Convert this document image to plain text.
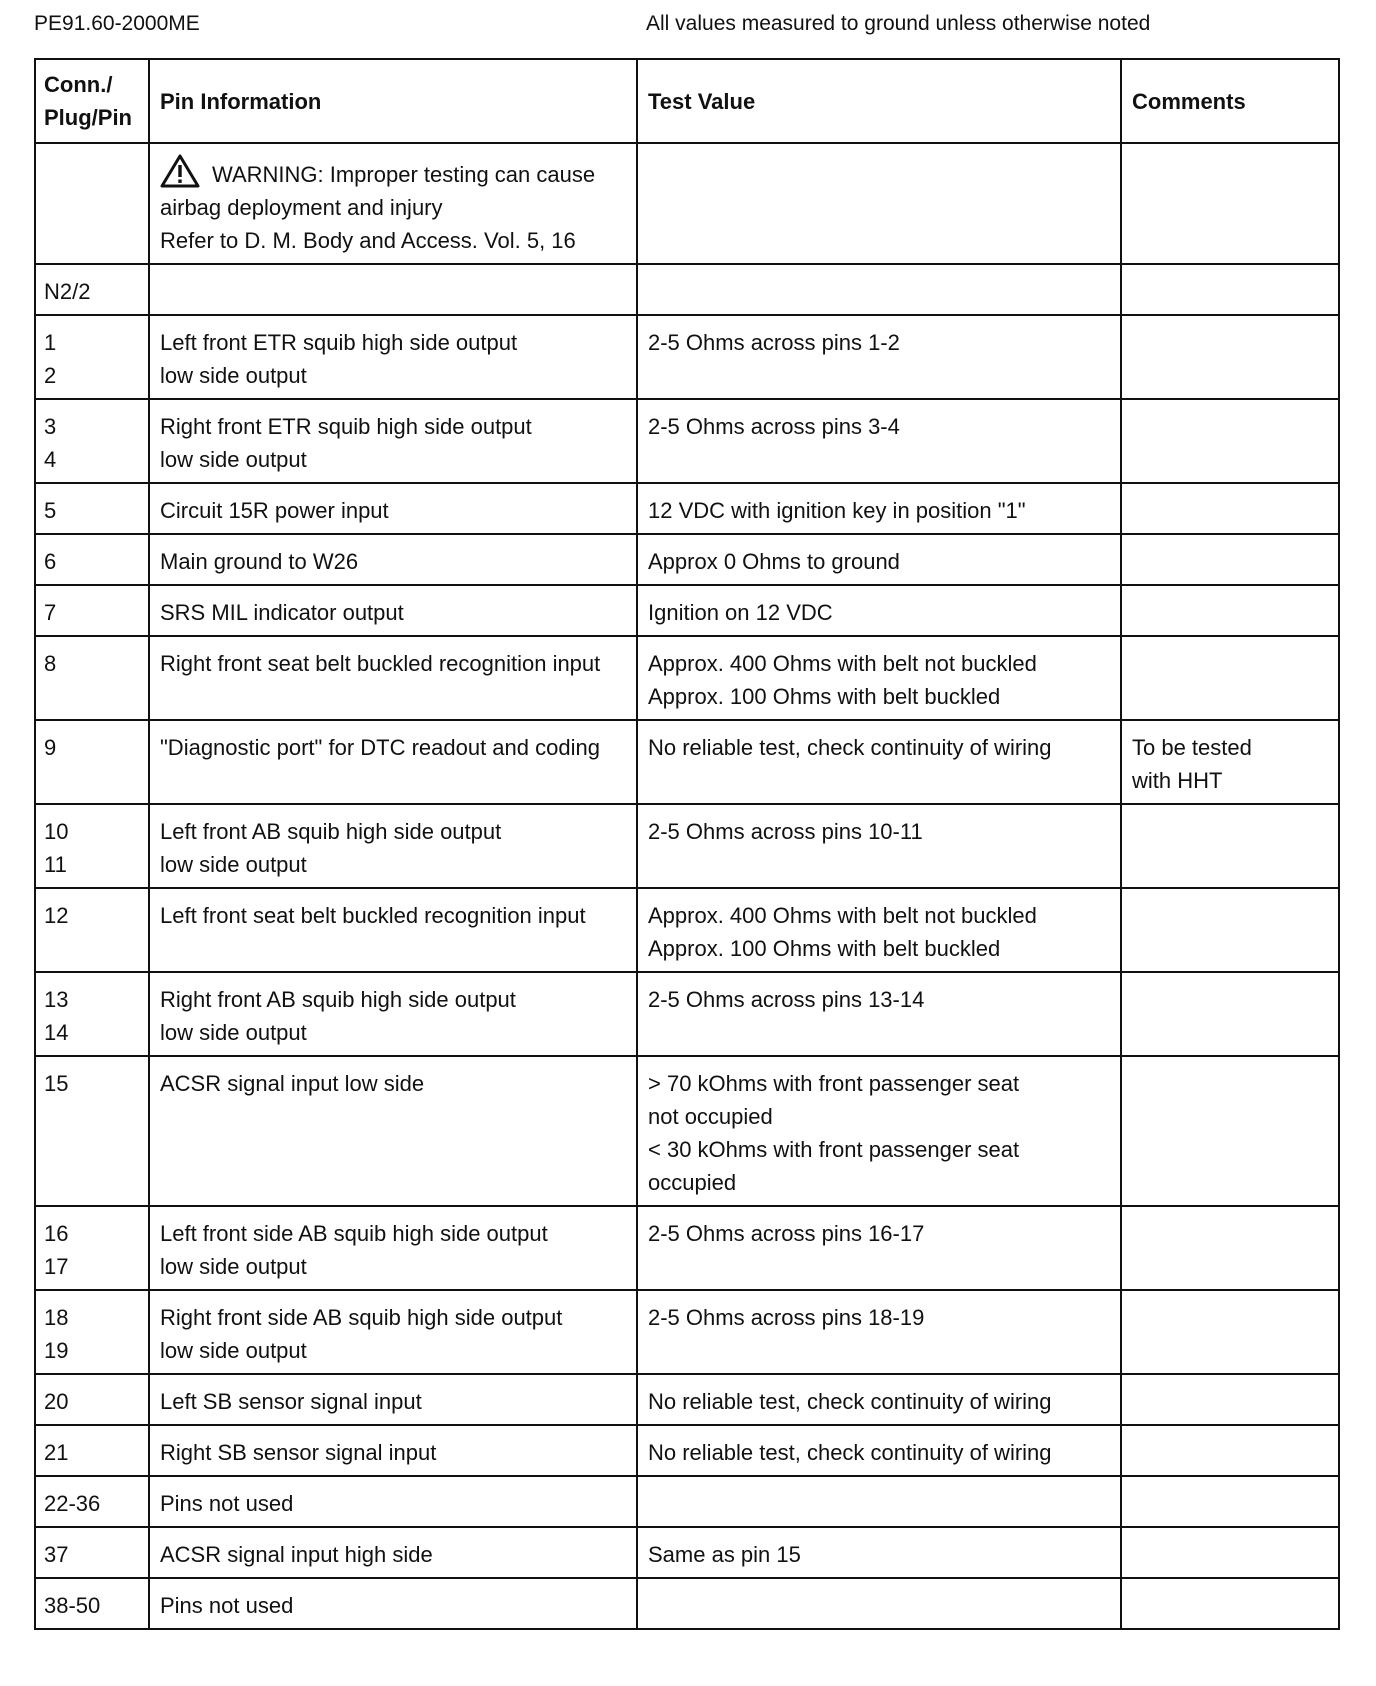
PE91.60-2000ME	All values measured to ground unless otherwise noted
Conn./
Plug/Pin	Pin Information	Test Value	Comments

	WARNING: Improper testing can cause
airbag deployment and injury
Refer to D. M. Body and Access. Vol. 5, 16		

N2/2			

1
2	Left front ETR squib high side output
low side output	2-5 Ohms across pins 1-2	

3
4	Right front ETR squib high side output
low side output	2-5 Ohms across pins 3-4	

5	Circuit 15R power input	12 VDC with ignition key in position "1"	

6	Main ground to W26	Approx 0 Ohms to ground	

7	SRS MIL indicator output	Ignition on 12 VDC	

8	Right front seat belt buckled recognition input	Approx. 400 Ohms with belt not buckled
Approx. 100 Ohms with belt buckled	

9	"Diagnostic port" for DTC readout and coding	No reliable test, check continuity of wiring	To be tested
with HHT

10
11	Left front AB squib high side output
low side output	2-5 Ohms across pins 10-11	

12	Left front seat belt buckled recognition input	Approx. 400 Ohms with belt not buckled
Approx. 100 Ohms with belt buckled	

13
14	Right front AB squib high side output
low side output	2-5 Ohms across pins 13-14	

15	ACSR signal input low side	> 70 kOhms with front passenger seat
not occupied
< 30 kOhms with front passenger seat
occupied	

16
17	Left front side AB squib high side output
low side output	2-5 Ohms across pins 16-17	

18
19	Right front side AB squib high side output
low side output	2-5 Ohms across pins 18-19	

20	Left SB sensor signal input	No reliable test, check continuity of wiring	

21	Right SB sensor signal input	No reliable test, check continuity of wiring	

22-36	Pins not used		

37	ACSR signal input high side	Same as pin 15	

38-50	Pins not used		
